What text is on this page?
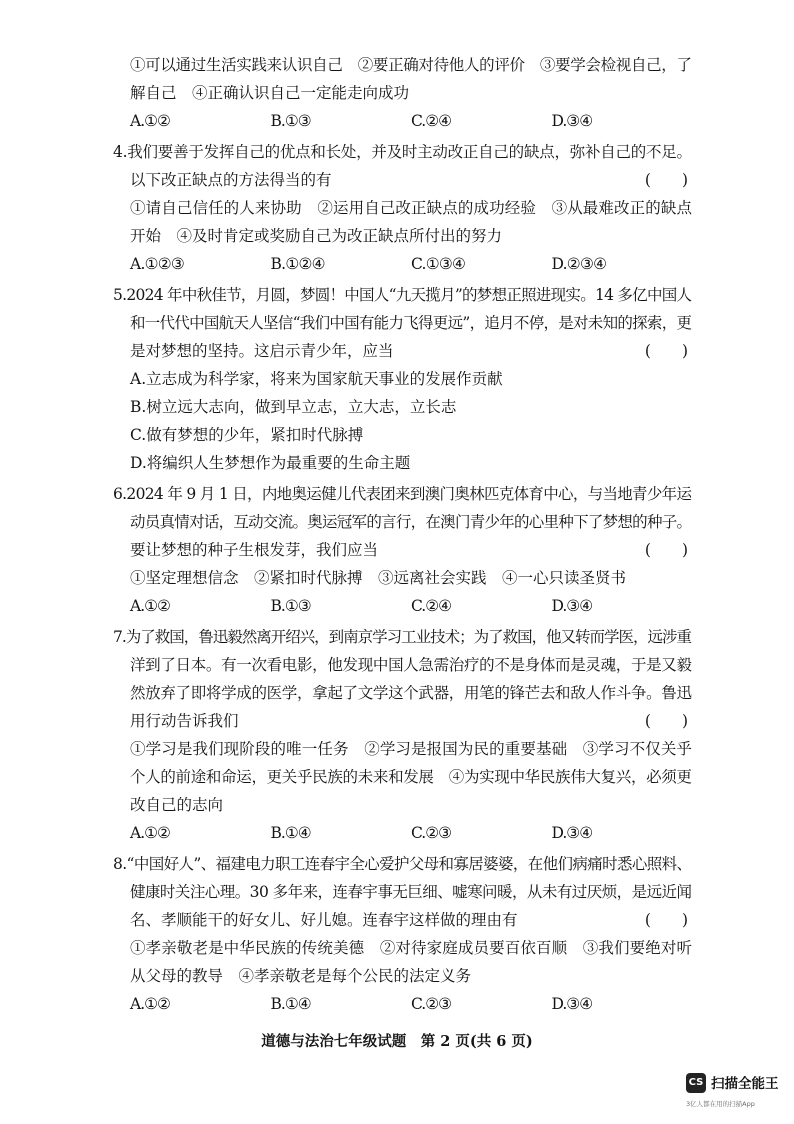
①可以通过生活实践来认识自己　②要正确对待他人的评价　③要学会检视自己，了
解自己　④正确认识自己一定能走向成功
A.①②	B.①③	C.②④	D.③④
4.我们要善于发挥自己的优点和长处，并及时主动改正自己的缺点，弥补自己的不足。
以下改正缺点的方法得当的有	(　　)
①请自己信任的人来协助　②运用自己改正缺点的成功经验　③从最难改正的缺点
开始　④及时肯定或奖励自己为改正缺点所付出的努力
A.①②③	B.①②④	C.①③④	D.②③④
5.2024 年中秋佳节，月圆，梦圆！中国人“九天揽月”的梦想正照进现实。14 多亿中国人
和一代代中国航天人坚信“我们中国有能力飞得更远”，追月不停，是对未知的探索，更
是对梦想的坚持。这启示青少年，应当	(　　)
A.立志成为科学家，将来为国家航天事业的发展作贡献
B.树立远大志向，做到早立志，立大志，立长志
C.做有梦想的少年，紧扣时代脉搏
D.将编织人生梦想作为最重要的生命主题
6.2024 年 9 月 1 日，内地奥运健儿代表团来到澳门奥林匹克体育中心，与当地青少年运
动员真情对话，互动交流。奥运冠军的言行，在澳门青少年的心里种下了梦想的种子。
要让梦想的种子生根发芽，我们应当	(　　)
①坚定理想信念　②紧扣时代脉搏　③远离社会实践　④一心只读圣贤书
A.①②	B.①③	C.②④	D.③④
7.为了救国，鲁迅毅然离开绍兴，到南京学习工业技术；为了救国，他又转而学医，远涉重
洋到了日本。有一次看电影，他发现中国人急需治疗的不是身体而是灵魂，于是又毅
然放弃了即将学成的医学，拿起了文学这个武器，用笔的锋芒去和敌人作斗争。鲁迅
用行动告诉我们	(　　)
①学习是我们现阶段的唯一任务　②学习是报国为民的重要基础　③学习不仅关乎
个人的前途和命运，更关乎民族的未来和发展　④为实现中华民族伟大复兴，必须更
改自己的志向
A.①②	B.①④	C.②③	D.③④
8.“中国好人”、福建电力职工连春宇全心爱护父母和寡居婆婆，在他们病痛时悉心照料、
健康时关注心理。30 多年来，连春宇事无巨细、嘘寒问暖，从未有过厌烦，是远近闻
名、孝顺能干的好女儿、好儿媳。连春宇这样做的理由有	(　　)
①孝亲敬老是中华民族的传统美德　②对待家庭成员要百依百顺　③我们要绝对听
从父母的教导　④孝亲敬老是每个公民的法定义务
A.①②	B.①④	C.②③	D.③④
道德与法治七年级试题　第 2 页(共 6 页)
CS 扫描全能王
3亿人都在用的扫描App
